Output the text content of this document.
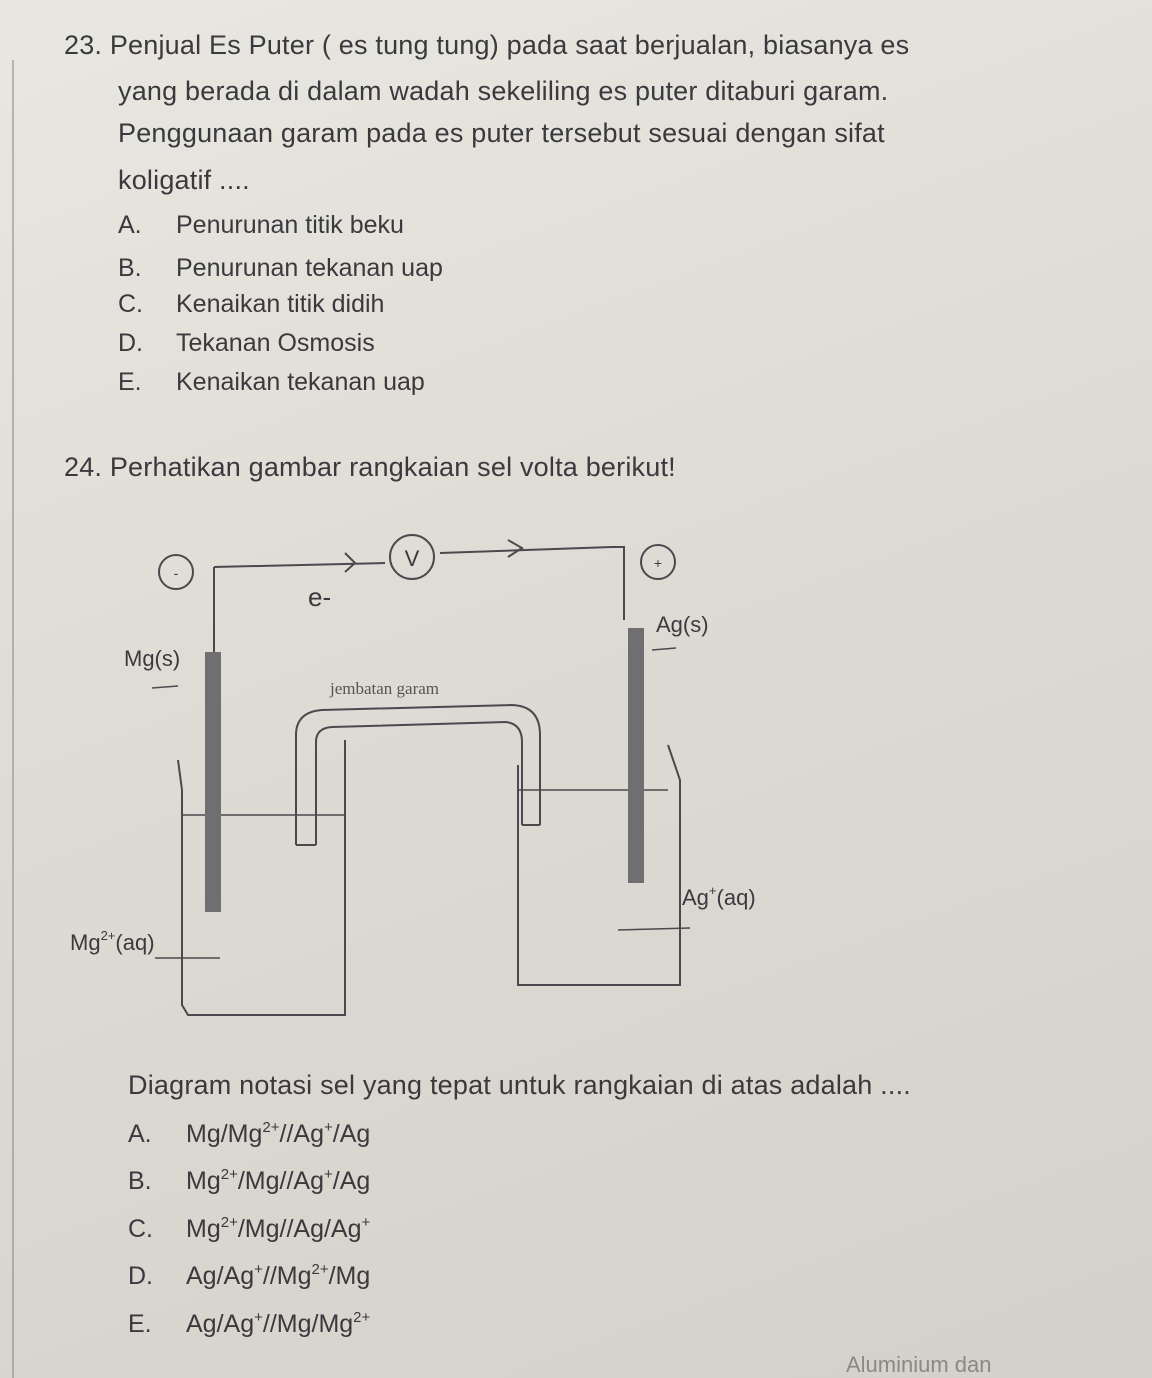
23. Penjual Es Puter ( es tung tung) pada saat berjualan, biasanya es
yang berada di dalam wadah sekeliling es puter ditaburi garam.
Penggunaan garam pada es puter tersebut sesuai dengan sifat
koligatif ....
A. Penurunan titik beku
B. Penurunan tekanan uap
C. Kenaikan titik didih
D. Tekanan Osmosis
E. Kenaikan tekanan uap
24. Perhatikan gambar rangkaian sel volta berikut!
-
+
V
e-
Mg(s)
Ag(s)
jembatan garam
$Mg^{2+}(aq)$
Ag+(aq)
Diagram notasi sel yang tepat untuk rangkaian di atas adalah ....
A. $Mg/Mg^{2+}//Ag^+/Ag$
B. $Mg^{2+}/Mg//Ag^+/Ag$
C. $Mg^{2+}/Mg//Ag/Ag^+$
D. $Ag/Ag^+//Mg^{2+}/Mg$
E. $Ag/Ag^+//Mg/Mg^{2+}$
Aluminium dan
